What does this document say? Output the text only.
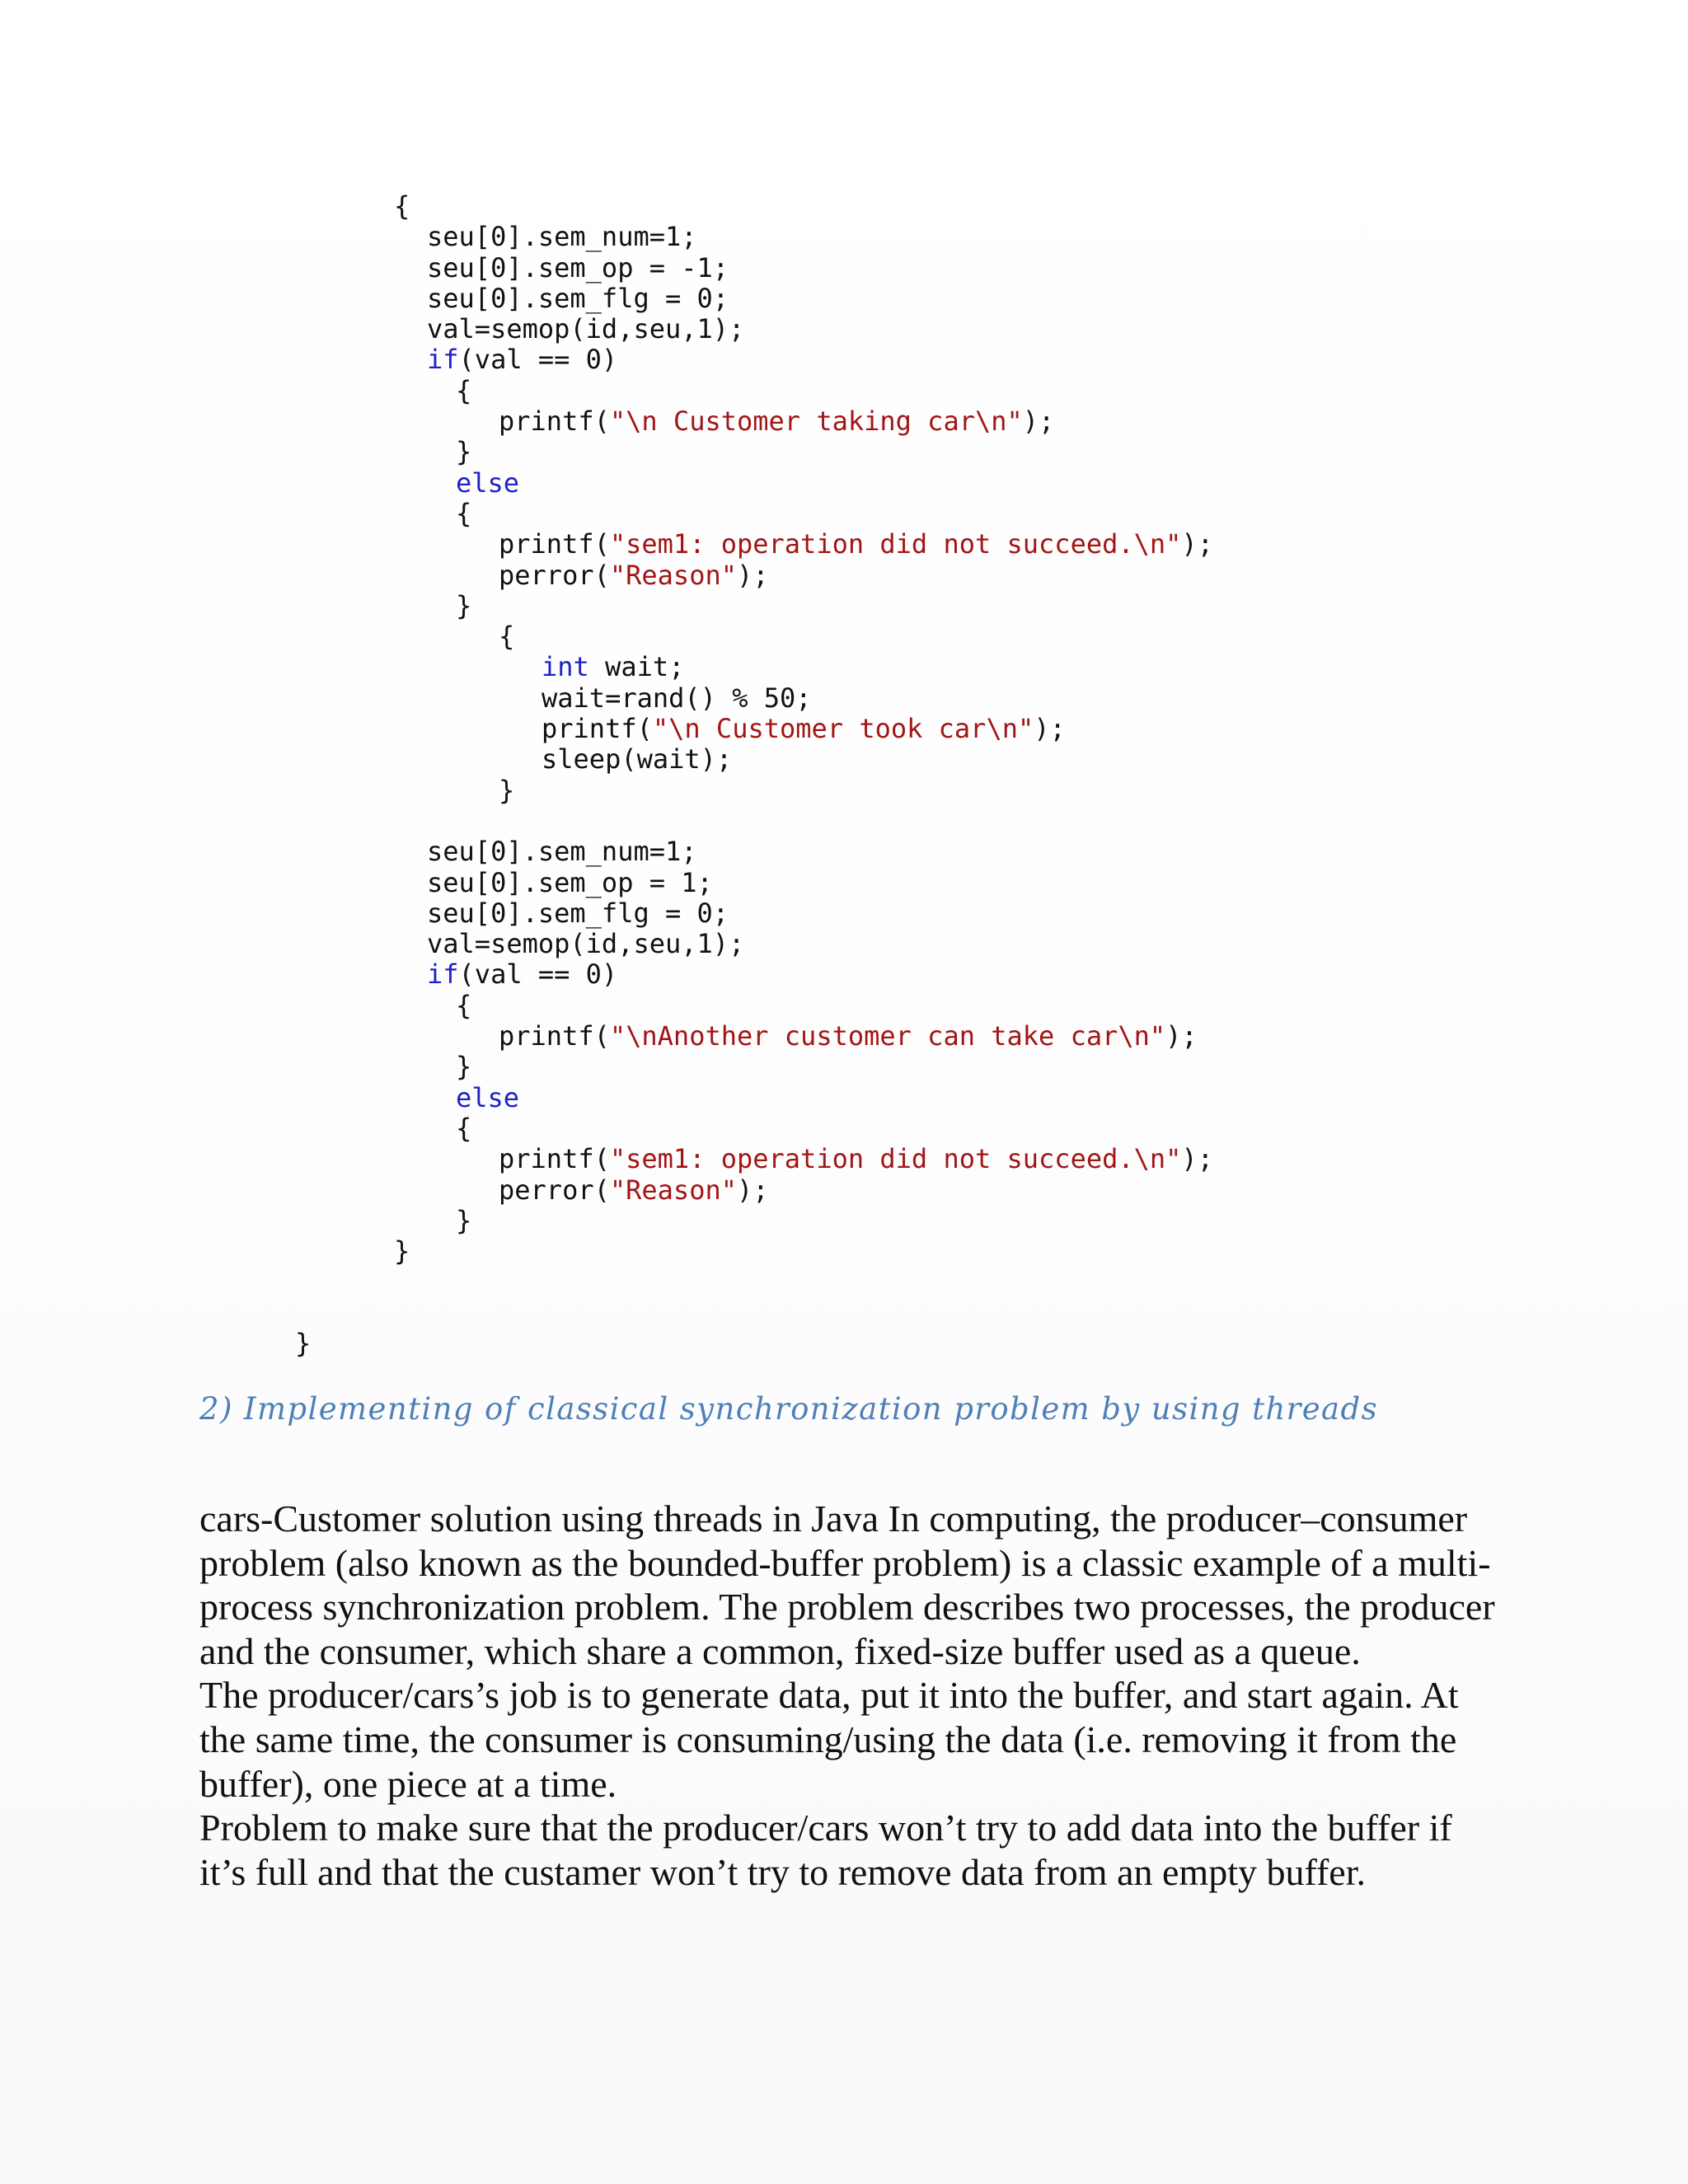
{
seu[0].sem_num=1;
seu[0].sem_op = -1;
seu[0].sem_flg = 0;
val=semop(id,seu,1);
if(val == 0)
{
printf("\n Customer taking car\n");
}
else
{
printf("sem1: operation did not succeed.\n");
perror("Reason");
}
{
int wait;
wait=rand() % 50;
printf("\n Customer took car\n");
sleep(wait);
}
seu[0].sem_num=1;
seu[0].sem_op = 1;
seu[0].sem_flg = 0;
val=semop(id,seu,1);
if(val == 0)
{
printf("\nAnother customer can take car\n");
}
else
{
printf("sem1: operation did not succeed.\n");
perror("Reason");
}
}
}
2) Implementing of classical synchronization problem by using threads

cars-Customer solution using threads in Java In computing, the producer–consumer problem (also known as the bounded-buffer problem) is a classic example of a multi-process synchronization problem. The problem describes two processes, the producer and the consumer, which share a common, fixed-size buffer used as a queue.

The producer/cars’s job is to generate data, put it into the buffer, and start again. At the same time, the consumer is consuming/using the data (i.e. removing it from the buffer), one piece at a time.

Problem to make sure that the producer/cars won’t try to add data into the buffer if it’s full and that the custamer won’t try to remove data from an empty buffer.
